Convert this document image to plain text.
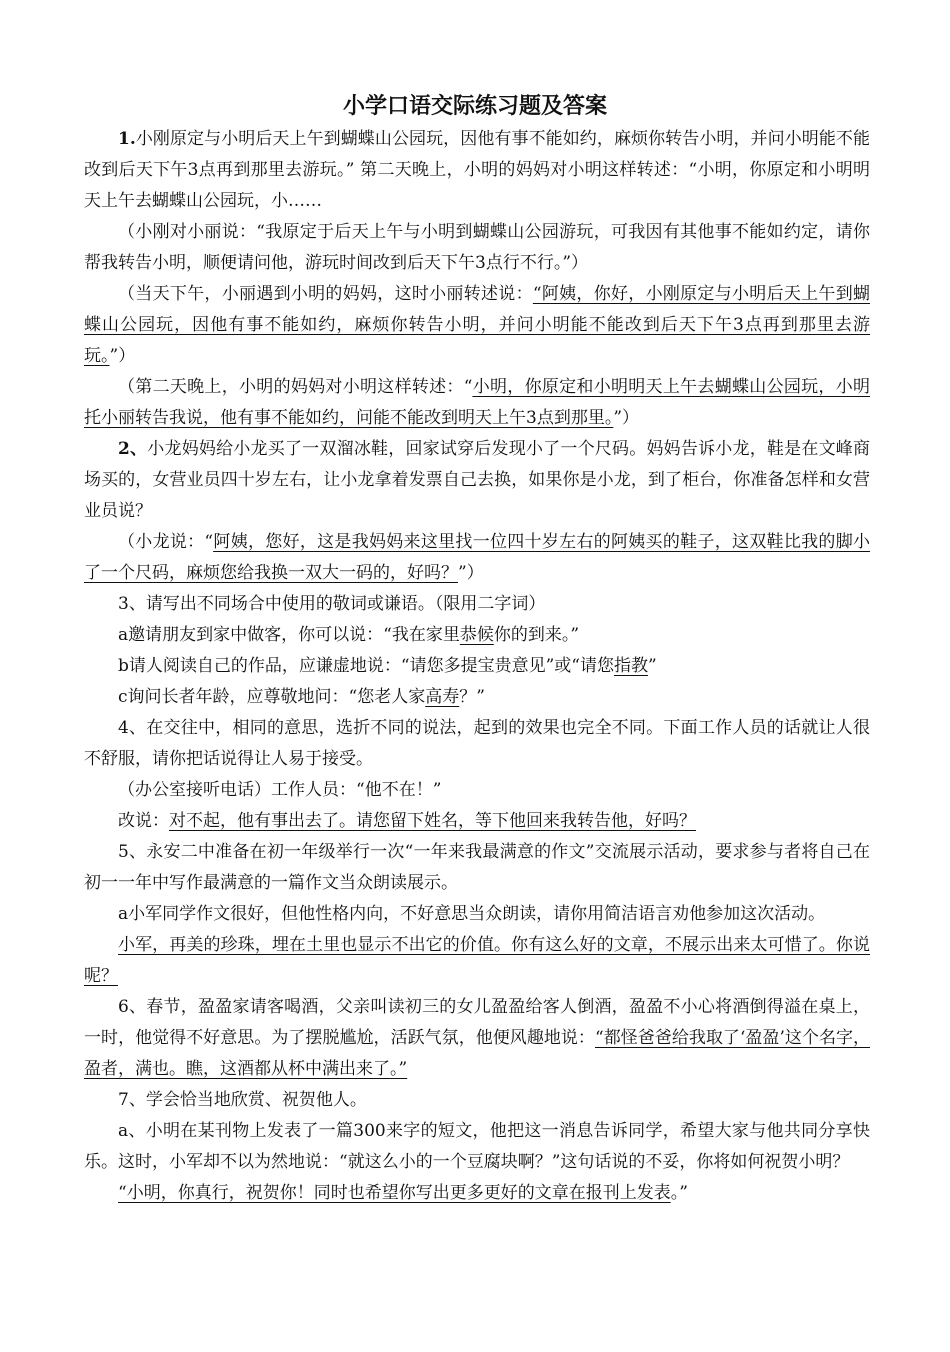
小学口语交际练习题及答案

1.小刚原定与小明后天上午到蝴蝶山公园玩，因他有事不能如约，麻烦你转告小明，并问小明能不能改到后天下午3点再到那里去游玩。” 第二天晚上，小明的妈妈对小明这样转述：“小明，你原定和小明明天上午去蝴蝶山公园玩，小……

（小刚对小丽说：“我原定于后天上午与小明到蝴蝶山公园游玩，可我因有其他事不能如约定，请你帮我转告小明，顺便请问他，游玩时间改到后天下午3点行不行。”）

（当天下午，小丽遇到小明的妈妈，这时小丽转述说：“阿姨，你好，小刚原定与小明后天上午到蝴蝶山公园玩，因他有事不能如约，麻烦你转告小明，并问小明能不能改到后天下午3点再到那里去游玩。”）

（第二天晚上，小明的妈妈对小明这样转述：“小明，你原定和小明明天上午去蝴蝶山公园玩，小明托小丽转告我说，他有事不能如约，问能不能改到明天上午3点到那里。”）

2、小龙妈妈给小龙买了一双溜冰鞋，回家试穿后发现小了一个尺码。妈妈告诉小龙，鞋是在文峰商场买的，女营业员四十岁左右，让小龙拿着发票自己去换，如果你是小龙，到了柜台，你准备怎样和女营业员说？

（小龙说：“阿姨，您好，这是我妈妈来这里找一位四十岁左右的阿姨买的鞋子，这双鞋比我的脚小了一个尺码，麻烦您给我换一双大一码的，好吗？”）

3、请写出不同场合中使用的敬词或谦语。（限用二字词）

a邀请朋友到家中做客，你可以说：“我在家里恭候你的到来。”

b请人阅读自己的作品，应谦虚地说：“请您多提宝贵意见”或“请您指教”

c询问长者年龄，应尊敬地问：“您老人家高寿？”

4、在交往中，相同的意思，选折不同的说法，起到的效果也完全不同。下面工作人员的话就让人很不舒服，请你把话说得让人易于接受。

（办公室接听电话）工作人员：“他不在！”

改说：对不起，他有事出去了。请您留下姓名，等下他回来我转告他，好吗？

5、永安二中准备在初一年级举行一次“一年来我最满意的作文”交流展示活动，要求参与者将自己在初一一年中写作最满意的一篇作文当众朗读展示。

a小军同学作文很好，但他性格内向，不好意思当众朗读，请你用简洁语言劝他参加这次活动。

小军，再美的珍珠，埋在土里也显示不出它的价值。你有这么好的文章，不展示出来太可惜了。你说呢？

6、春节，盈盈家请客喝酒，父亲叫读初三的女儿盈盈给客人倒酒，盈盈不小心将酒倒得溢在桌上，一时，他觉得不好意思。为了摆脱尴尬，活跃气氛，他便风趣地说：“都怪爸爸给我取了‘盈盈’这个名字，盈者，满也。瞧，这酒都从杯中满出来了。”

7、学会恰当地欣赏、祝贺他人。

a、小明在某刊物上发表了一篇300来字的短文，他把这一消息告诉同学，希望大家与他共同分享快乐。这时，小军却不以为然地说：“就这么小的一个豆腐块啊？”这句话说的不妥，你将如何祝贺小明？

“小明，你真行，祝贺你！同时也希望你写出更多更好的文章在报刊上发表。”
